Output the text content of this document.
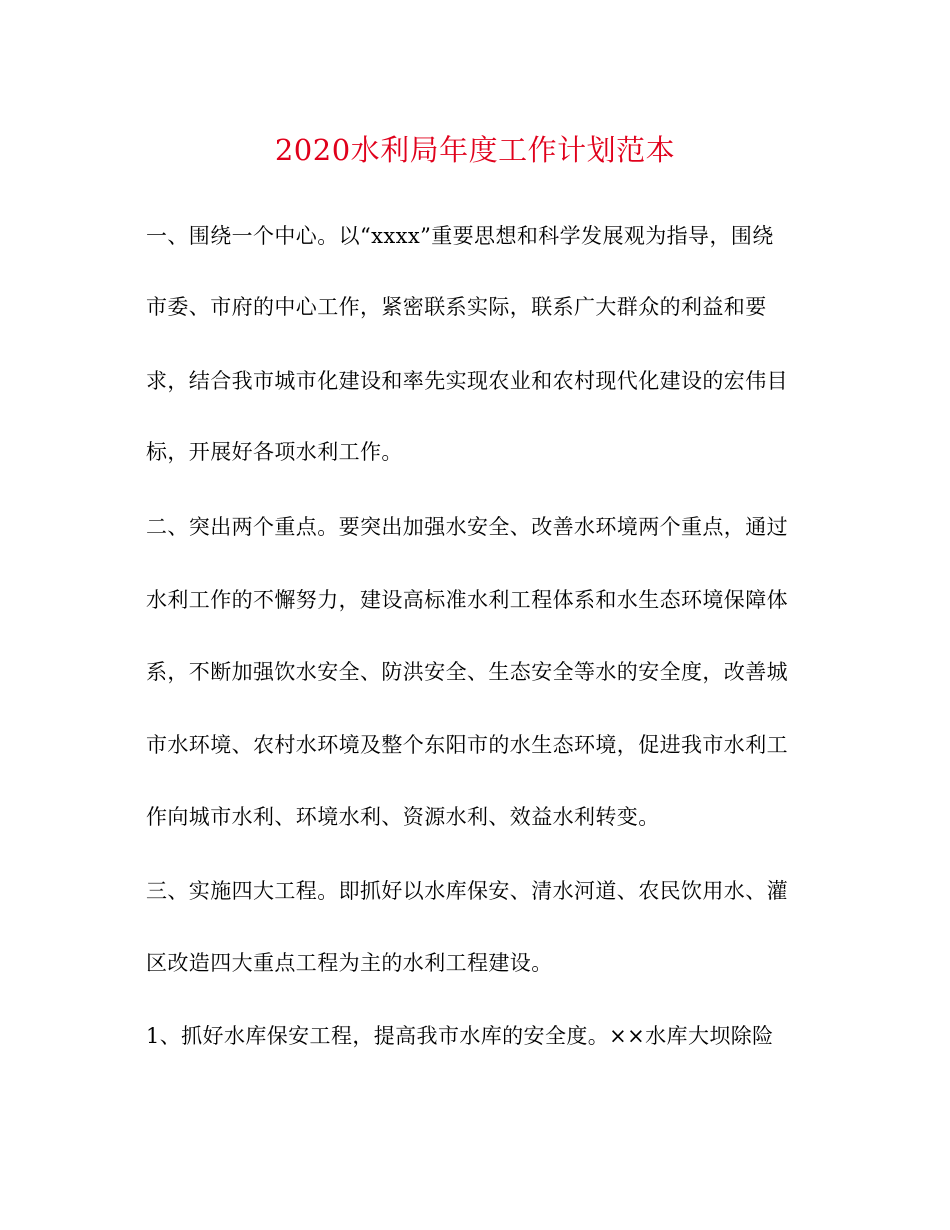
2020水利局年度工作计划范本

一、围绕一个中心。以“xxxx”重要思想和科学发展观为指导，围绕

市委、市府的中心工作，紧密联系实际，联系广大群众的利益和要

求，结合我市城市化建设和率先实现农业和农村现代化建设的宏伟目

标，开展好各项水利工作。

二、突出两个重点。要突出加强水安全、改善水环境两个重点，通过

水利工作的不懈努力，建设高标准水利工程体系和水生态环境保障体

系，不断加强饮水安全、防洪安全、生态安全等水的安全度，改善城

市水环境、农村水环境及整个东阳市的水生态环境，促进我市水利工

作向城市水利、环境水利、资源水利、效益水利转变。

三、实施四大工程。即抓好以水库保安、清水河道、农民饮用水、灌

区改造四大重点工程为主的水利工程建设。

1、抓好水库保安工程，提高我市水库的安全度。××水库大坝除险
